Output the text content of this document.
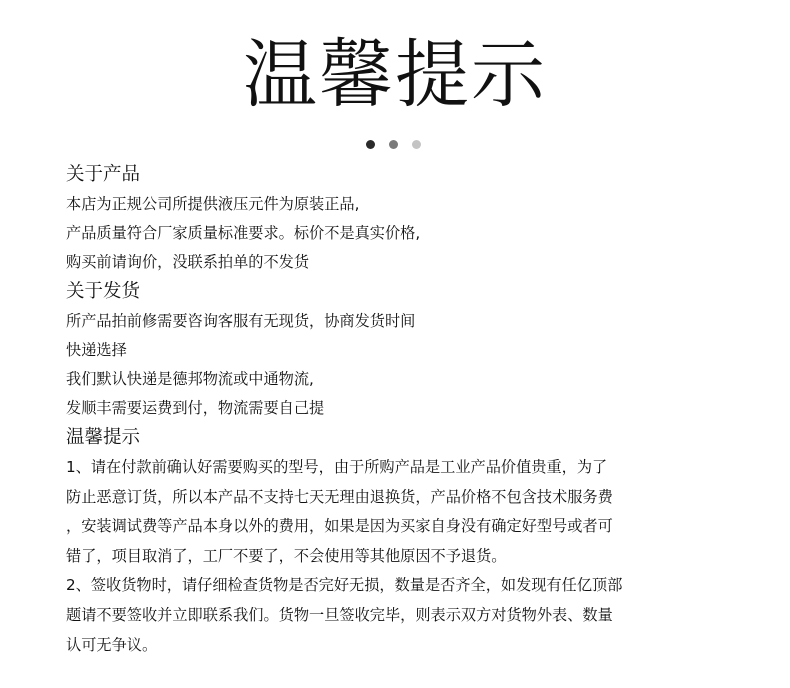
温馨提示
关于产品
本店为正规公司所提供液压元件为原装正品,
产品质量符合厂家质量标准要求。标价不是真实价格,
购买前请询价，没联系拍单的不发货
关于发货
所产品拍前修需要咨询客服有无现货，协商发货时间
快递选择
我们默认快递是德邦物流或中通物流,
发顺丰需要运费到付，物流需要自己提
温馨提示
1、请在付款前确认好需要购买的型号，由于所购产品是工业产品价值贵重，为了
防止恶意订货，所以本产品不支持七天无理由退换货，产品价格不包含技术服务费
，安装调试费等产品本身以外的费用，如果是因为买家自身没有确定好型号或者可
错了，项目取消了，工厂不要了，不会使用等其他原因不予退货。
2、签收货物时，请仔细检查货物是否完好无损，数量是否齐全，如发现有任亿顶部
题请不要签收并立即联系我们。货物一旦签收完毕，则表示双方对货物外表、数量
认可无争议。
